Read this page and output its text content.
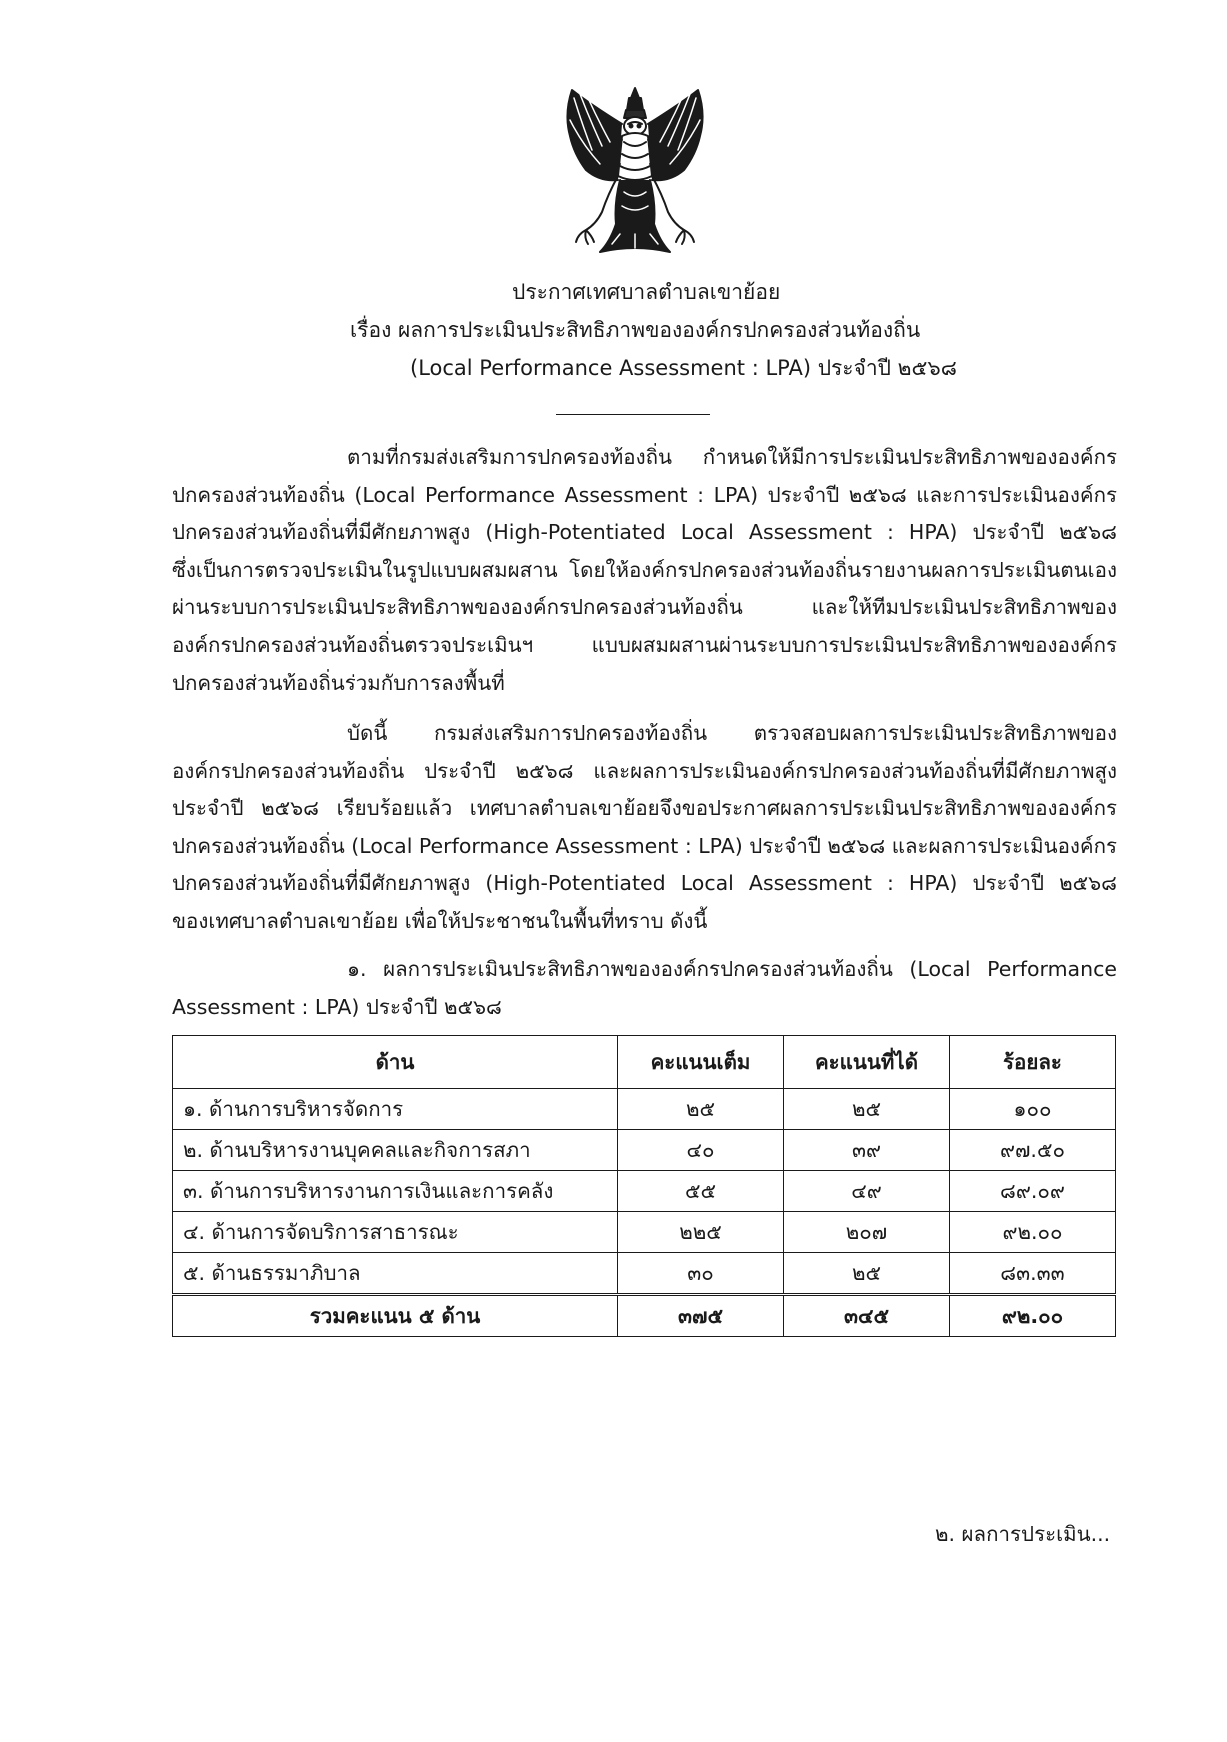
ประกาศเทศบาลตำบลเขาย้อย
เรื่อง ผลการประเมินประสิทธิภาพขององค์กรปกครองส่วนท้องถิ่น
(Local Performance Assessment : LPA) ประจำปี ๒๕๖๘

ตามที่กรมส่งเสริมการปกครองท้องถิ่น กำหนดให้มีการประเมินประสิทธิภาพขององค์กร
ปกครองส่วนท้องถิ่น (Local Performance Assessment : LPA) ประจำปี ๒๕๖๘ และการประเมินองค์กร
ปกครองส่วนท้องถิ่นที่มีศักยภาพสูง (High-Potentiated Local Assessment : HPA) ประจำปี ๒๕๖๘
ซึ่งเป็นการตรวจประเมินในรูปแบบผสมผสาน โดยให้องค์กรปกครองส่วนท้องถิ่นรายงานผลการประเมินตนเอง
ผ่านระบบการประเมินประสิทธิภาพขององค์กรปกครองส่วนท้องถิ่น และให้ทีมประเมินประสิทธิภาพของ
องค์กรปกครองส่วนท้องถิ่นตรวจประเมินฯ แบบผสมผสานผ่านระบบการประเมินประสิทธิภาพขององค์กร
ปกครองส่วนท้องถิ่นร่วมกับการลงพื้นที่

บัดนี้ กรมส่งเสริมการปกครองท้องถิ่น ตรวจสอบผลการประเมินประสิทธิภาพของ
องค์กรปกครองส่วนท้องถิ่น ประจำปี ๒๕๖๘ และผลการประเมินองค์กรปกครองส่วนท้องถิ่นที่มีศักยภาพสูง
ประจำปี ๒๕๖๘ เรียบร้อยแล้ว เทศบาลตำบลเขาย้อยจึงขอประกาศผลการประเมินประสิทธิภาพขององค์กร
ปกครองส่วนท้องถิ่น (Local Performance Assessment : LPA) ประจำปี ๒๕๖๘ และผลการประเมินองค์กร
ปกครองส่วนท้องถิ่นที่มีศักยภาพสูง (High-Potentiated Local Assessment : HPA) ประจำปี ๒๕๖๘
ของเทศบาลตำบลเขาย้อย เพื่อให้ประชาชนในพื้นที่ทราบ ดังนี้

๑. ผลการประเมินประสิทธิภาพขององค์กรปกครองส่วนท้องถิ่น (Local Performance
Assessment : LPA) ประจำปี ๒๕๖๘

ด้าน	คะแนนเต็ม	คะแนนที่ได้	ร้อยละ
๑. ด้านการบริหารจัดการ	๒๕	๒๕	๑๐๐
๒. ด้านบริหารงานบุคคลและกิจการสภา	๔๐	๓๙	๙๗.๕๐
๓. ด้านการบริหารงานการเงินและการคลัง	๕๕	๔๙	๘๙.๐๙
๔. ด้านการจัดบริการสาธารณะ	๒๒๕	๒๐๗	๙๒.๐๐
๕. ด้านธรรมาภิบาล	๓๐	๒๕	๘๓.๓๓
รวมคะแนน ๕ ด้าน	๓๗๕	๓๔๕	๙๒.๐๐
๒. ผลการประเมิน...
